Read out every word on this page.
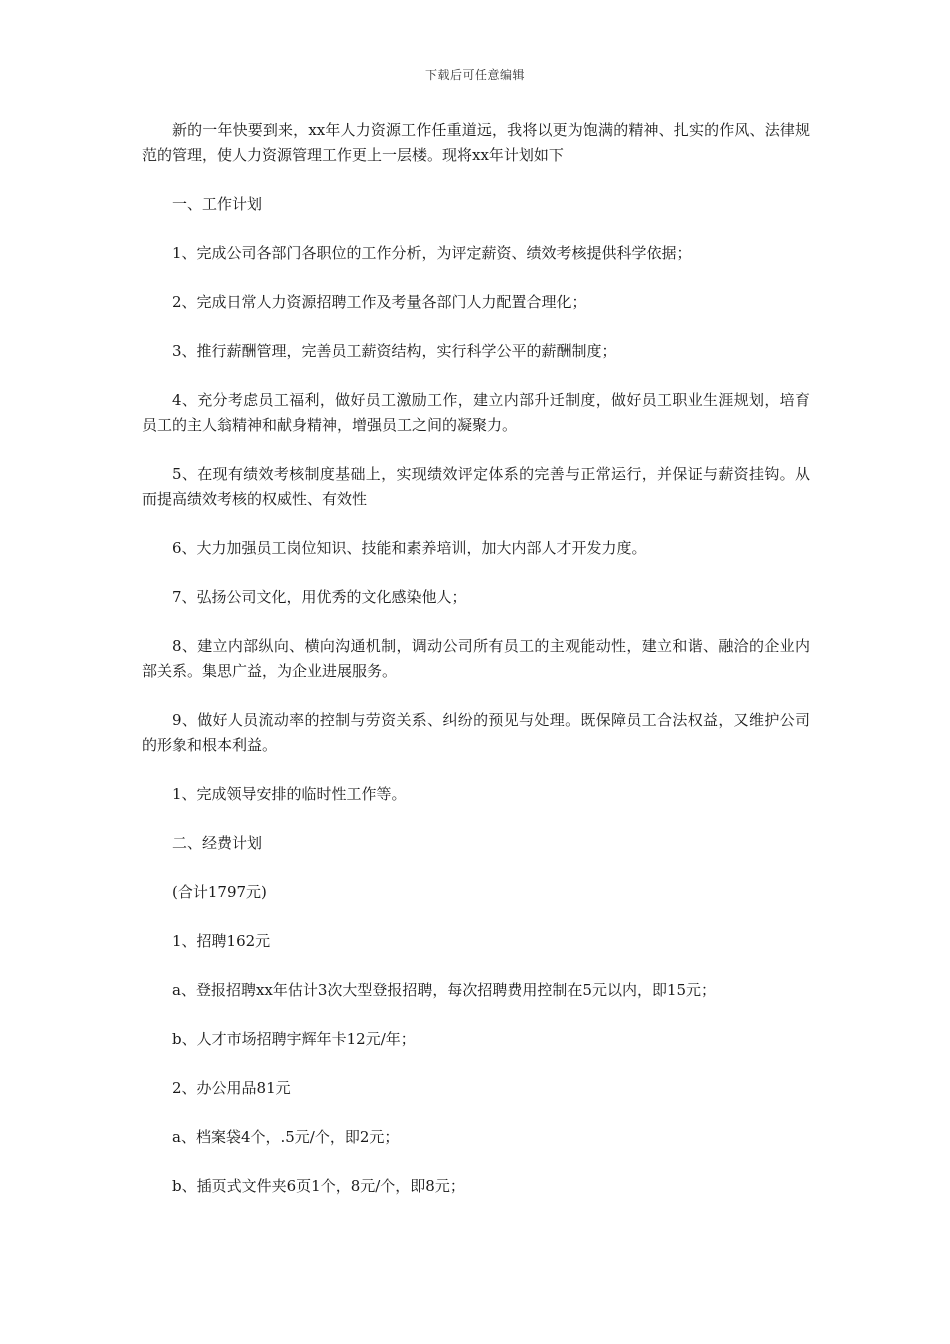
下载后可任意编辑

新的一年快要到来，xx年人力资源工作任重道远，我将以更为饱满的精神、扎实的作风、法律规范的管理，使人力资源管理工作更上一层楼。现将xx年计划如下

一、工作计划

1、完成公司各部门各职位的工作分析，为评定薪资、绩效考核提供科学依据；

2、完成日常人力资源招聘工作及考量各部门人力配置合理化；

3、推行薪酬管理，完善员工薪资结构，实行科学公平的薪酬制度；

4、充分考虑员工福利，做好员工激励工作，建立内部升迁制度，做好员工职业生涯规划，培育员工的主人翁精神和献身精神，增强员工之间的凝聚力。

5、在现有绩效考核制度基础上，实现绩效评定体系的完善与正常运行，并保证与薪资挂钩。从而提高绩效考核的权威性、有效性

6、大力加强员工岗位知识、技能和素养培训，加大内部人才开发力度。

7、弘扬公司文化，用优秀的文化感染他人；

8、建立内部纵向、横向沟通机制，调动公司所有员工的主观能动性，建立和谐、融洽的企业内部关系。集思广益，为企业进展服务。

9、做好人员流动率的控制与劳资关系、纠纷的预见与处理。既保障员工合法权益，又维护公司的形象和根本利益。

1、完成领导安排的临时性工作等。

二、经费计划

(合计1797元)

1、招聘162元

a、登报招聘xx年估计3次大型登报招聘，每次招聘费用控制在5元以内，即15元；

b、人才市场招聘宇辉年卡12元/年；

2、办公用品81元

a、档案袋4个，.5元/个，即2元；

b、插页式文件夹6页1个，8元/个，即8元；
